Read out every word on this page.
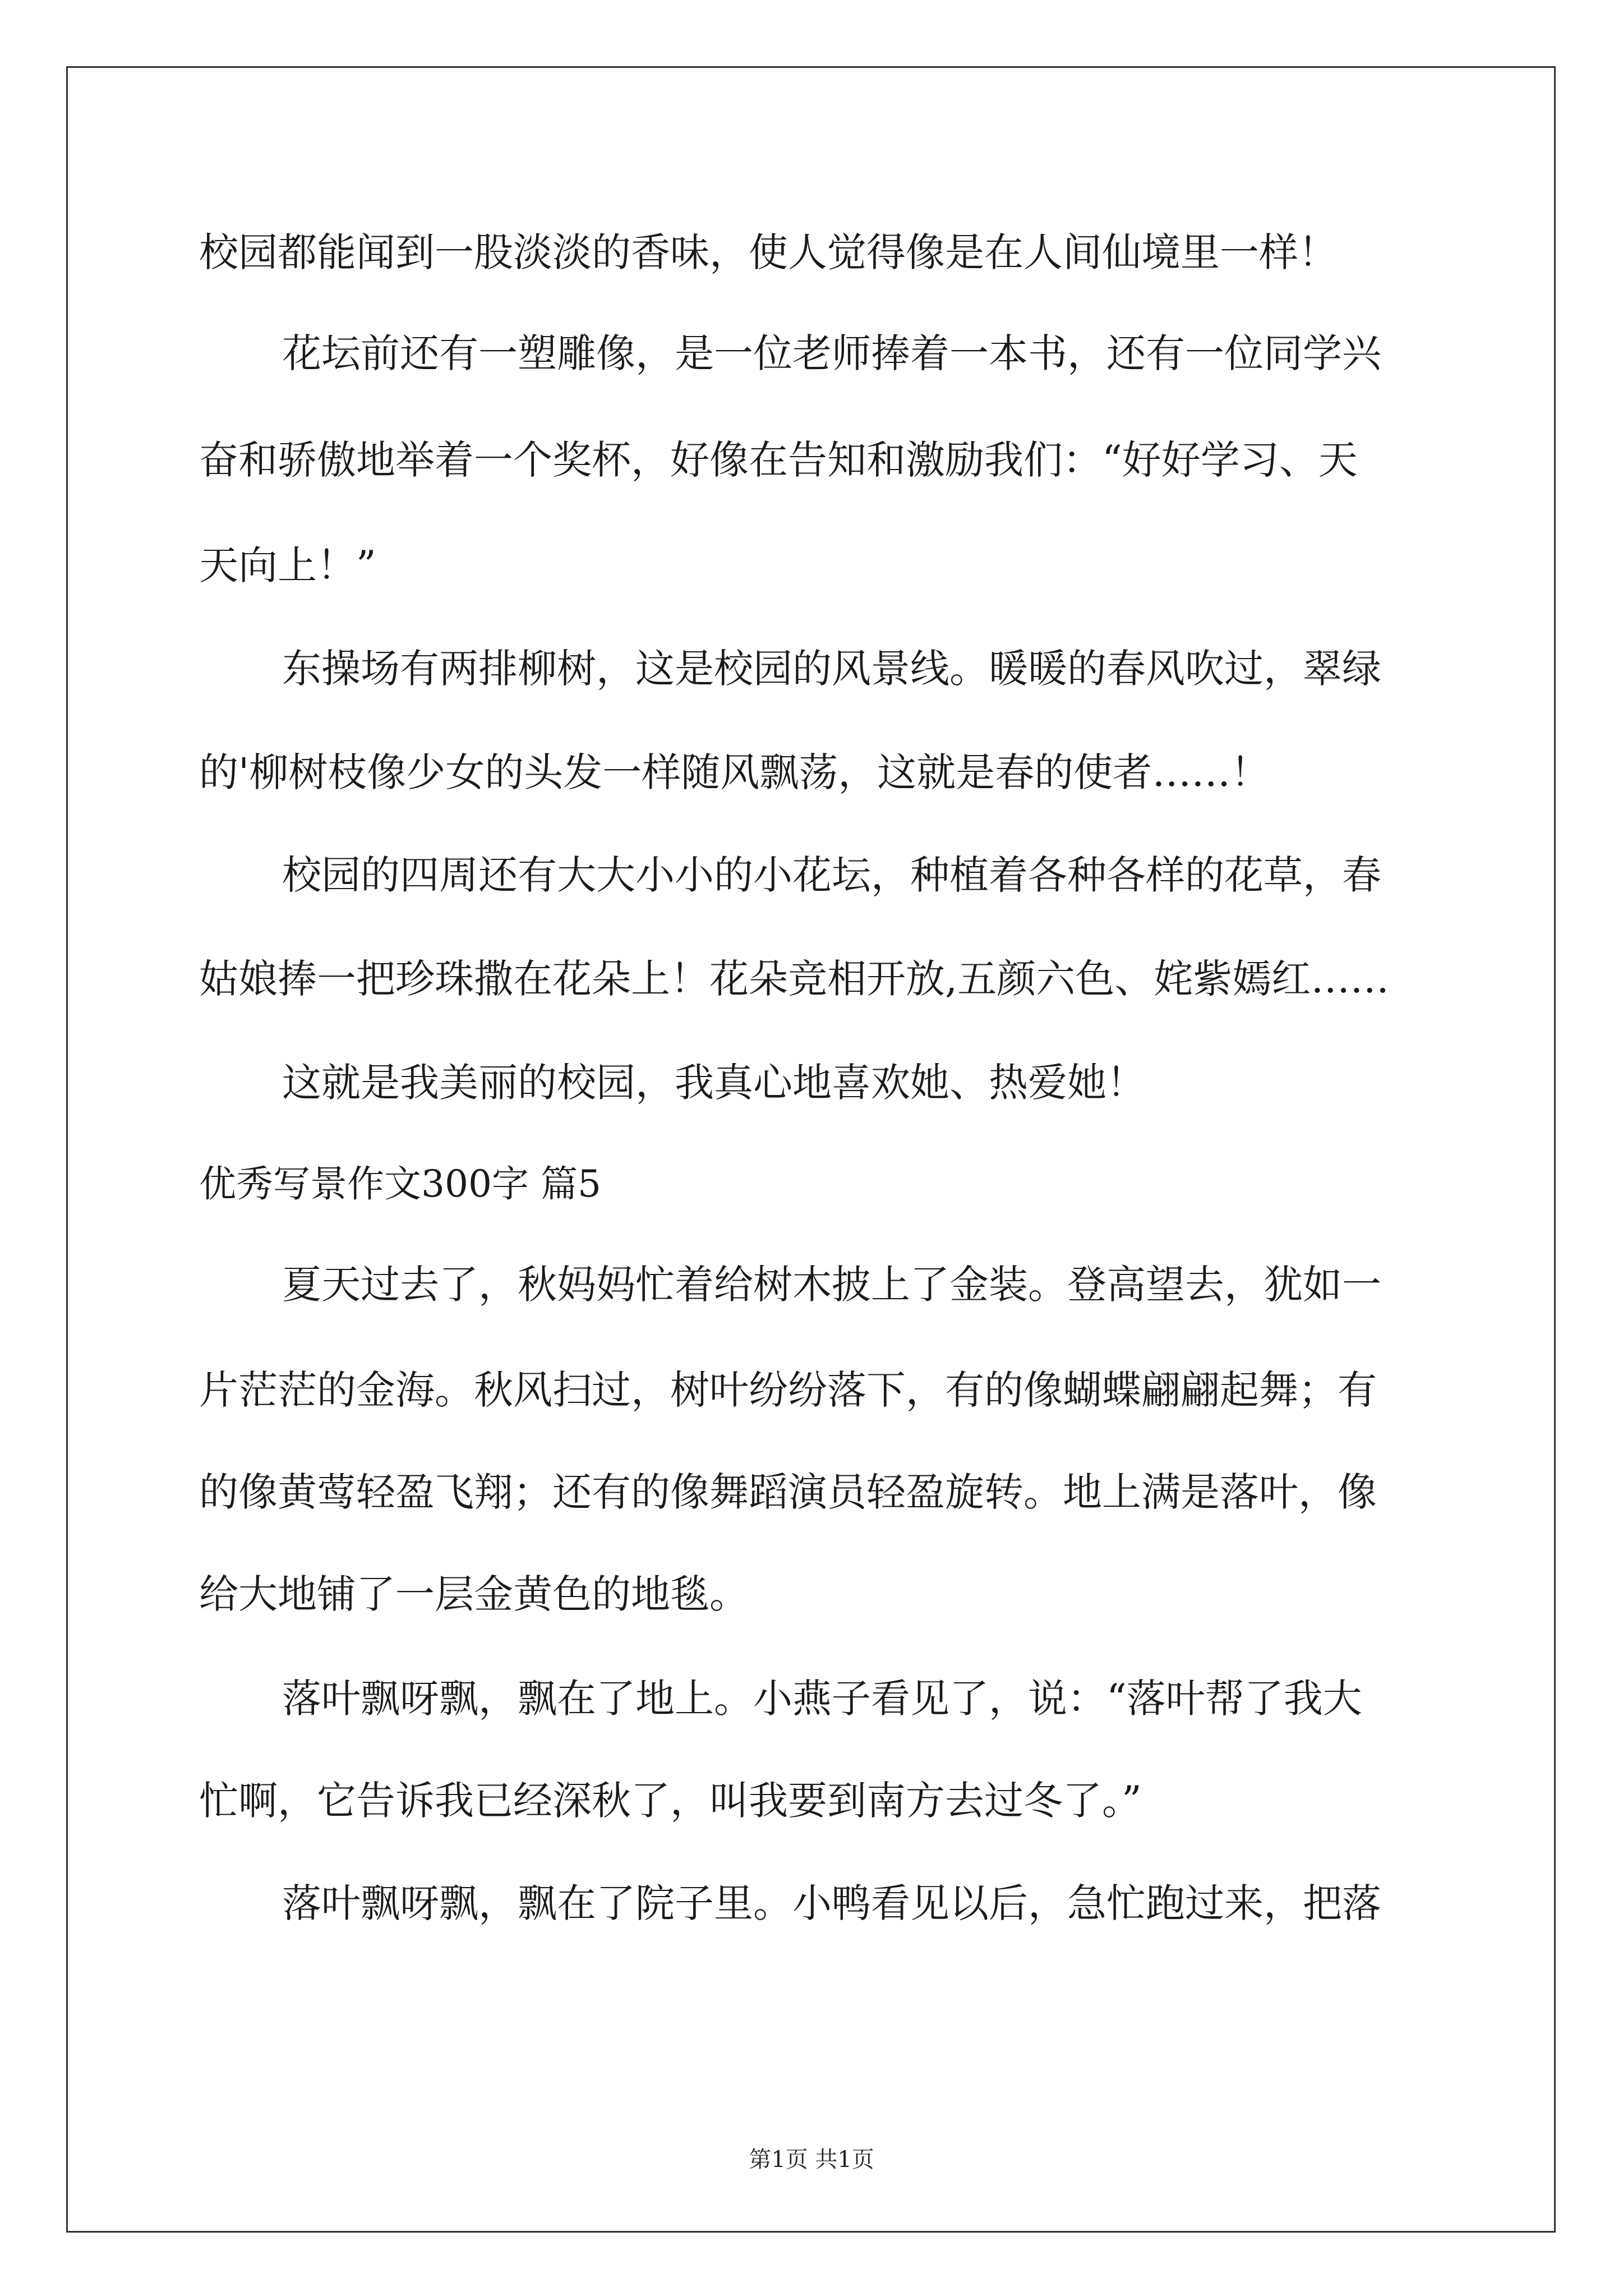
校园都能闻到一股淡淡的香味，使人觉得像是在人间仙境里一样！
花坛前还有一塑雕像，是一位老师捧着一本书，还有一位同学兴
奋和骄傲地举着一个奖杯，好像在告知和激励我们：“好好学习、天
天向上！”
东操场有两排柳树，这是校园的风景线。暖暖的春风吹过，翠绿
的'柳树枝像少女的头发一样随风飘荡，这就是春的使者……！
校园的四周还有大大小小的小花坛，种植着各种各样的花草，春
姑娘捧一把珍珠撒在花朵上！花朵竞相开放,五颜六色、姹紫嫣红……
这就是我美丽的校园，我真心地喜欢她、热爱她！
优秀写景作文300字 篇5
夏天过去了，秋妈妈忙着给树木披上了金装。登高望去，犹如一
片茫茫的金海。秋风扫过，树叶纷纷落下，有的像蝴蝶翩翩起舞；有
的像黄莺轻盈飞翔；还有的像舞蹈演员轻盈旋转。地上满是落叶，像
给大地铺了一层金黄色的地毯。
落叶飘呀飘，飘在了地上。小燕子看见了，说：“落叶帮了我大
忙啊，它告诉我已经深秋了，叫我要到南方去过冬了。”
落叶飘呀飘，飘在了院子里。小鸭看见以后，急忙跑过来，把落
第1页 共1页
